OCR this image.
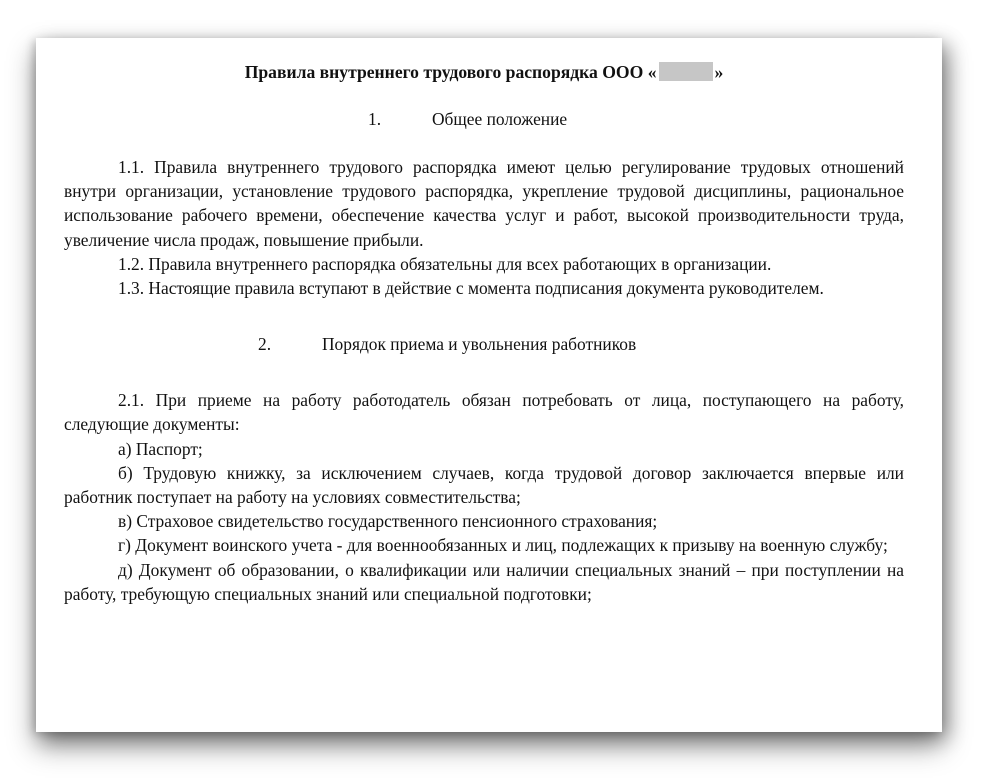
Правила внутреннего трудового распорядка ООО «	»

1.	Общее положение

1.1. Правила внутреннего трудового распорядка имеют целью регулирование трудовых отношений внутри организации, установление трудового распорядка, укрепление трудовой дисциплины, рациональное использование рабочего времени, обеспечение качества услуг и работ, высокой производительности труда, увеличение числа продаж, повышение прибыли.

1.2. Правила внутреннего распорядка обязательны для всех работающих в организации.

1.3. Настоящие правила вступают в действие с момента подписания документа руководителем.

2.	Порядок приема и увольнения работников

2.1. При приеме на работу работодатель обязан потребовать от лица, поступающего на работу, следующие документы:

а) Паспорт;

б) Трудовую книжку, за исключением случаев, когда трудовой договор заключается впервые или работник поступает на работу на условиях совместительства;

в) Страховое свидетельство государственного пенсионного страхования;

г) Документ воинского учета - для военнообязанных и лиц, подлежащих к призыву на военную службу;

д) Документ об образовании, о квалификации или наличии специальных знаний – при поступлении на работу, требующую специальных знаний или специальной подготовки;
